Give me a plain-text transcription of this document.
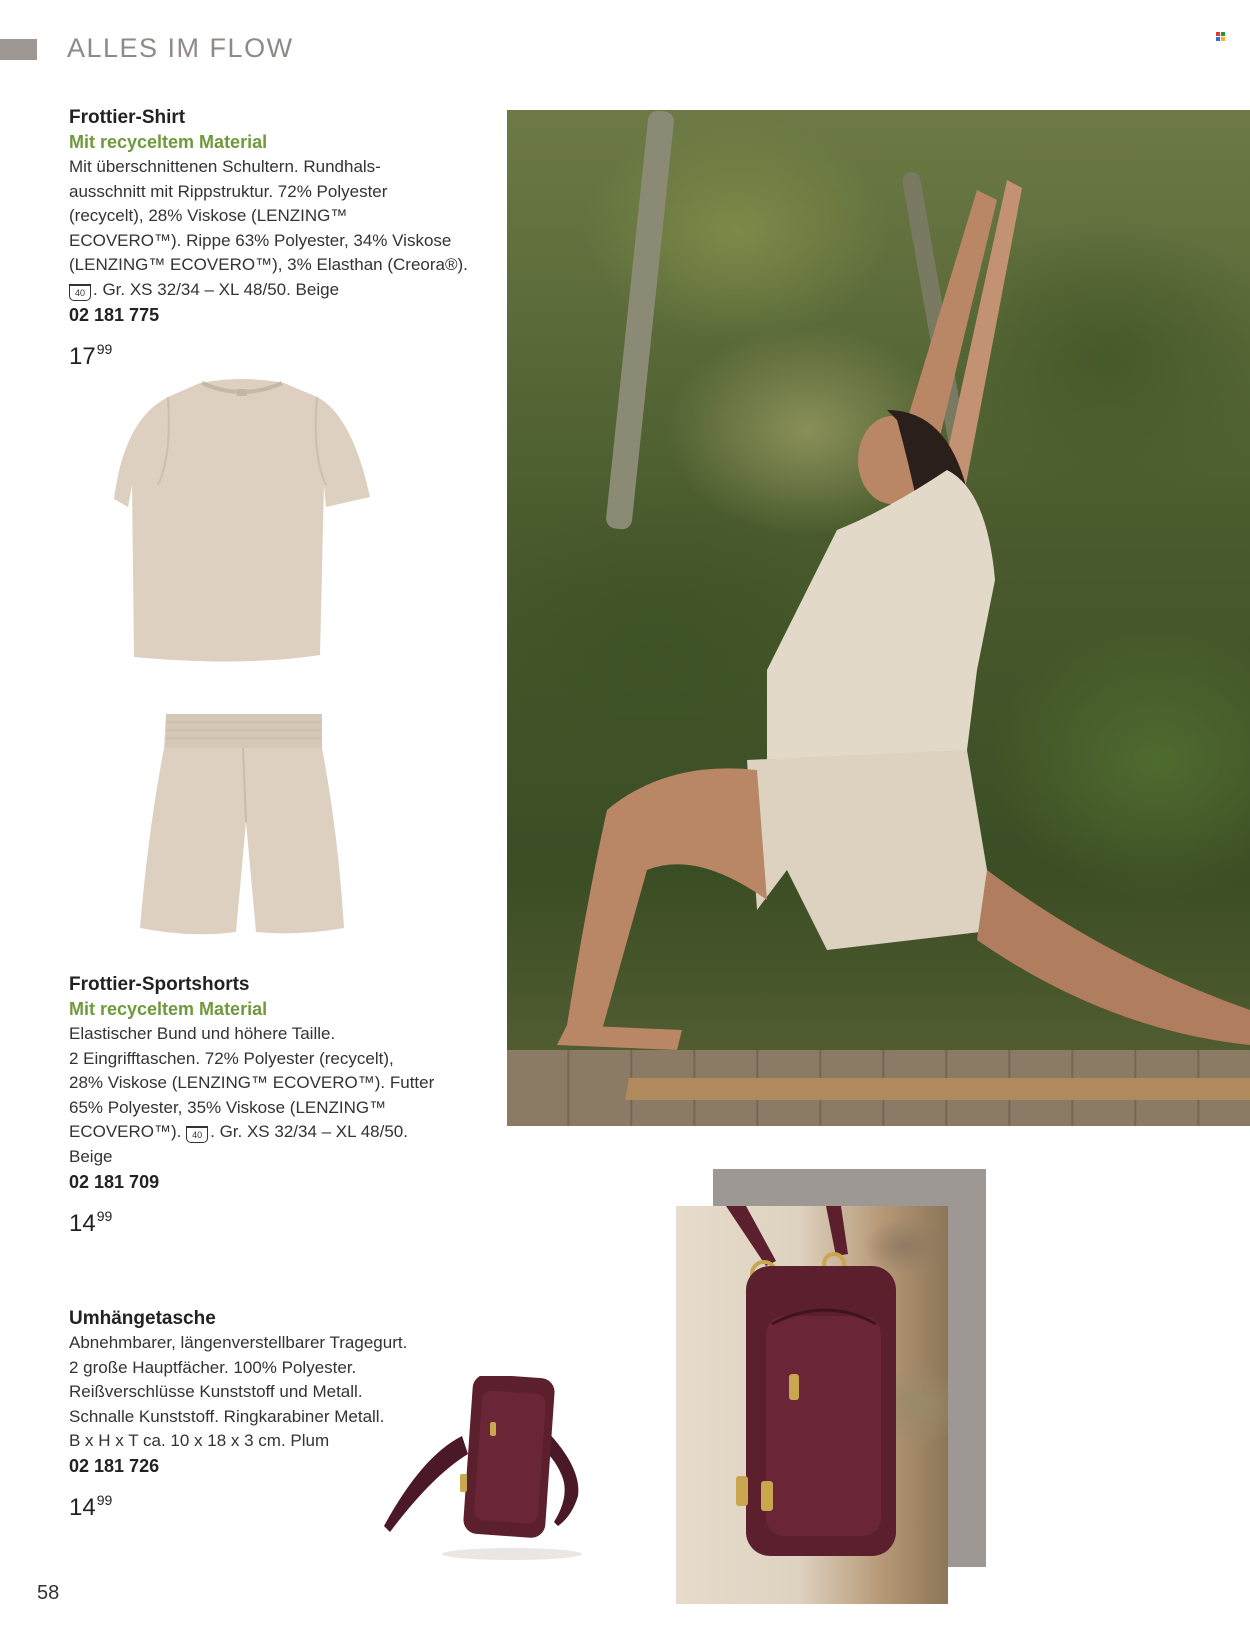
ALLES IM FLOW
Frottier-Shirt
Mit recyceltem Material

Mit überschnittenen Schultern. Rundhals-
ausschnitt mit Rippstruktur. 72% Polyester
(recycelt), 28% Viskose (LENZING™
ECOVERO™). Rippe 63% Polyester, 34% Viskose
(LENZING™ ECOVERO™), 3% Elasthan (Creora®).
40 . Gr. XS 32/34 – XL 48/50. Beige

02 181 775
$17^{99}$
Frottier-Sportshorts
Mit recyceltem Material

Elastischer Bund und höhere Taille.
2 Eingrifftaschen. 72% Polyester (recycelt),
28% Viskose (LENZING™ ECOVERO™). Futter
65% Polyester, 35% Viskose (LENZING™
ECOVERO™). 40 . Gr. XS 32/34 – XL 48/50.
Beige

02 181 709
$14^{99}$
Umhängetasche

Abnehmbarer, längenverstellbarer Tragegurt.
2 große Hauptfächer. 100% Polyester.
Reißverschlüsse Kunststoff und Metall.
Schnalle Kunststoff. Ringkarabiner Metall.
B x H x T ca. 10 x 18 x 3 cm. Plum

02 181 726
$14^{99}$
58
